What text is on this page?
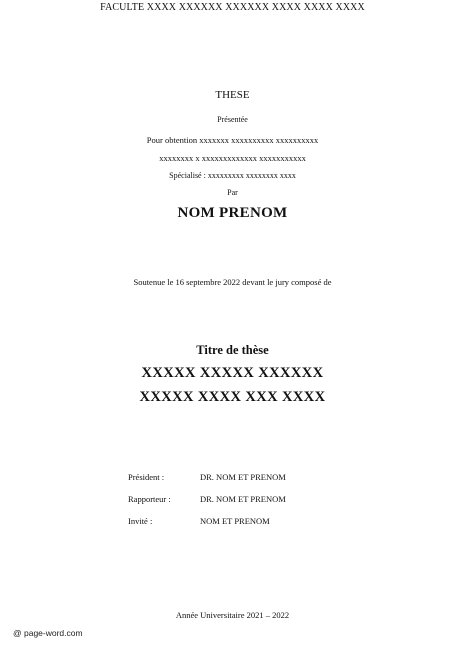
FACULTE XXXX XXXXXX XXXXXX XXXX XXXX XXXX
THESE
Présentée
Pour obtention xxxxxxx xxxxxxxxxx xxxxxxxxxx
xxxxxxxx x xxxxxxxxxxxxx xxxxxxxxxxx
Spécialisé : xxxxxxxxx xxxxxxxx xxxx
Par
NOM PRENOM
Soutenue le 16 septembre 2022 devant le jury composé de
Titre de thèse
XXXXX XXXXX XXXXXX
XXXXX XXXX XXX XXXX
Président :	DR. NOM ET PRENOM
Rapporteur :	DR. NOM ET PRENOM
Invité :	NOM ET PRENOM
Année Universitaire 2021 – 2022
@ page-word.com
